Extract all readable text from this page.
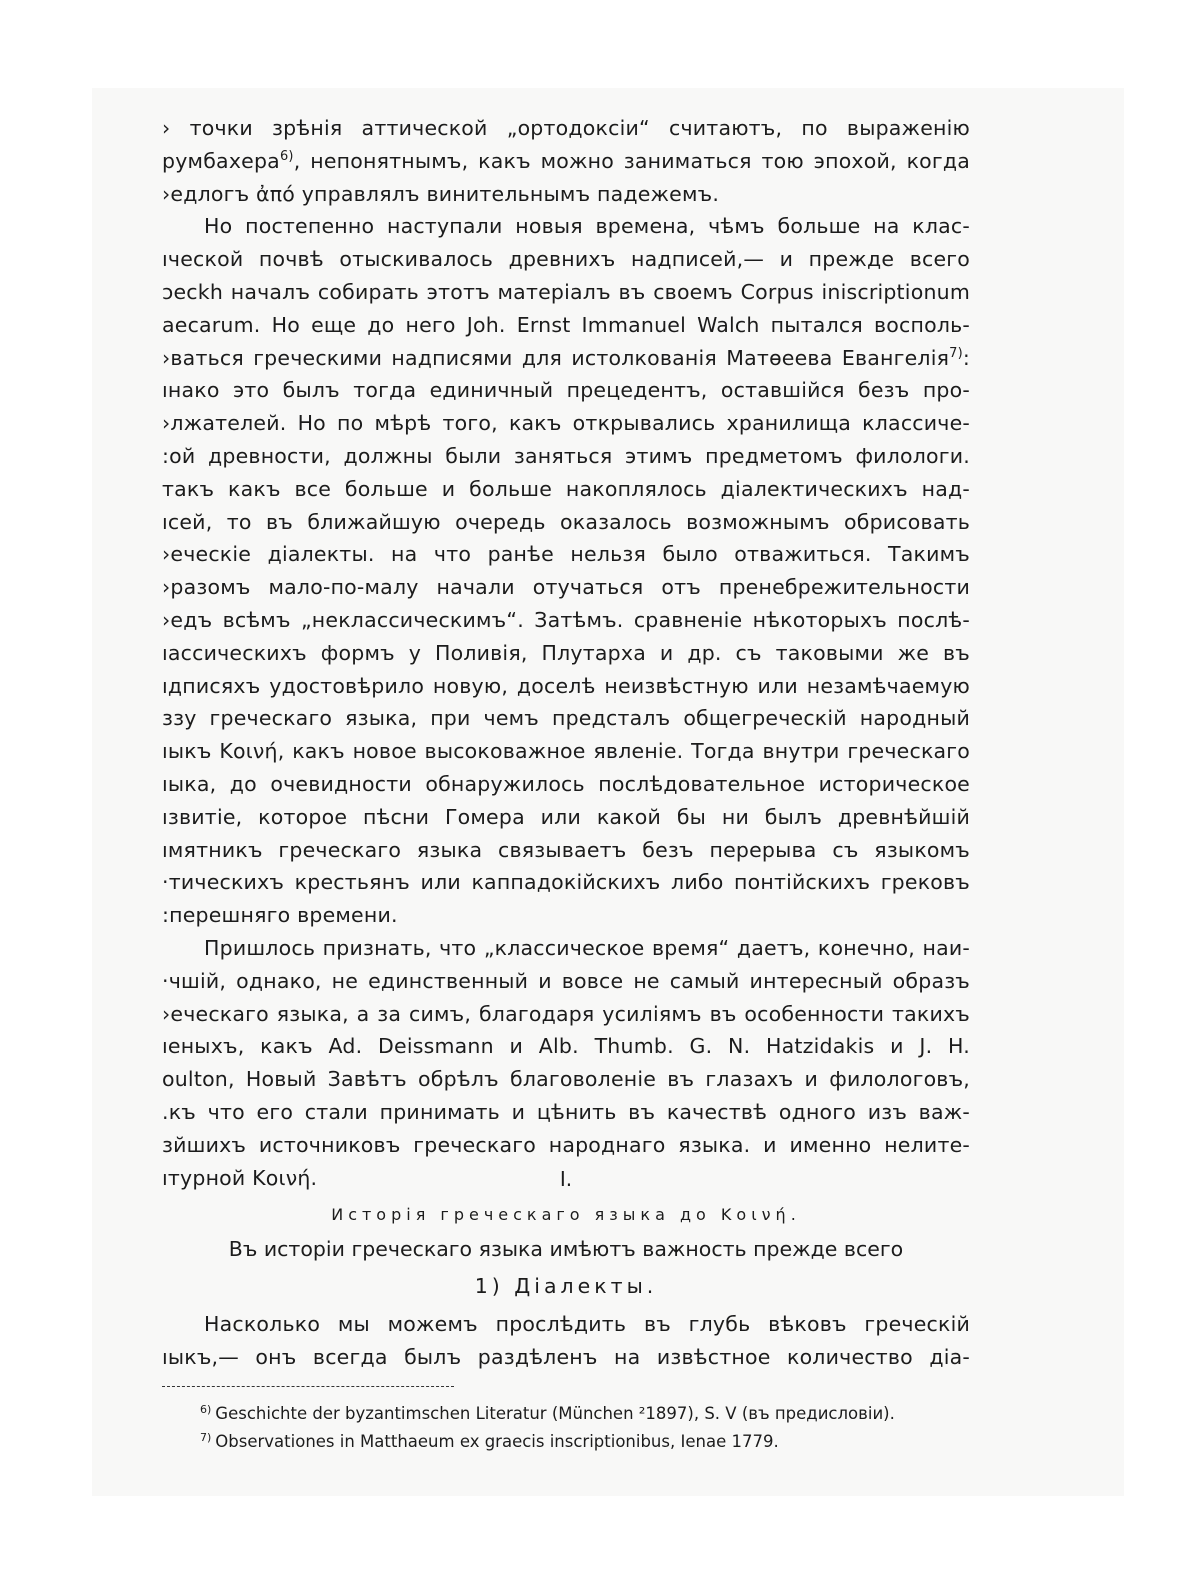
› точки зрѣнія аттической „ортодоксіи“ считаютъ, по выраженію
румбахера$^{6)}$, непонятнымъ, какъ можно заниматься тою эпохой, когда
›едлогъ ἀπό управлялъ винительнымъ падежемъ.
Но постепенно наступали новыя времена, чѣмъ больше на клас-
ıческой почвѣ отыскивалось древнихъ надписей,— и прежде всего
ɔeckh началъ собирать этотъ матеріалъ въ своемъ Corpus iniscriptionum
aecarum. Но еще до него Joh. Ernst Immanuel Walch пытался восполь-
›ваться греческими надписями для истолкованія Матѳеева Евангелія$^{7)}$:
ıнако это былъ тогда единичный прецедентъ, оставшійся безъ про-
›лжателей. Но по мѣрѣ того, какъ открывались хранилища классиче-
:ой древности, должны были заняться этимъ предметомъ филологи.
такъ какъ все больше и больше накоплялось діалектическихъ над-
ıсей, то въ ближайшую очередь оказалось возможнымъ обрисовать
›еческіе діалекты. на что ранѣе нельзя было отважиться. Такимъ
›разомъ мало-по-малу начали отучаться отъ пренебрежительности
›едъ всѣмъ „неклассическимъ“. Затѣмъ. сравненіе нѣкоторыхъ послѣ-
ıассическихъ формъ у Поливія, Плутарха и др. съ таковыми же въ
ıдписяхъ удостовѣрило новую, доселѣ неизвѣстную или незамѣчаемую
ɜзу греческаго языка, при чемъ предсталъ общегреческій народный
ıыкъ Κοινή, какъ новое высоковажное явленіе. Тогда внутри греческаго
ıыка, до очевидности обнаружилось послѣдовательное историческое
ıзвитіе, которое пѣсни Гомера или какой бы ни былъ древнѣйшій
ıмятникъ греческаго языка связываетъ безъ перерыва съ языкомъ
·тическихъ крестьянъ или каппадокійскихъ либо понтійскихъ грековъ
:перешняго времени.
Пришлось признать, что „классическое время“ даетъ, конечно, наи-
·чшій, однако, не единственный и вовсе не самый интересный образъ
›еческаго языка, а за симъ, благодаря усиліямъ въ особенности такихъ
ıеныхъ, какъ Ad. Deissmann и Alb. Thumb. G. N. Hatzidakis и J. H.
oulton, Новый Завѣтъ обрѣлъ благоволеніе въ глазахъ и филологовъ,
.къ что его стали принимать и цѣнить въ качествѣ одного изъ важ-
ɜйшихъ источниковъ греческаго народнаго языка. и именно нелите-
ıтурной Κοινή.	I.
Исторія греческаго языка до Κοινή.
Въ исторіи греческаго языка имѣютъ важность прежде всего
1) Діалекты.
Насколько мы можемъ прослѣдить въ глубь вѣковъ греческій
ıыкъ,— онъ всегда былъ раздѣленъ на извѣстное количество діа-
$^{6)}$ Geschichte der byzantimschen Literatur (München ²1897), S. V (въ предисловіи).
$^{7)}$ Observationes in Matthaeum ex graecis inscriptionibus, Ienae 1779.
